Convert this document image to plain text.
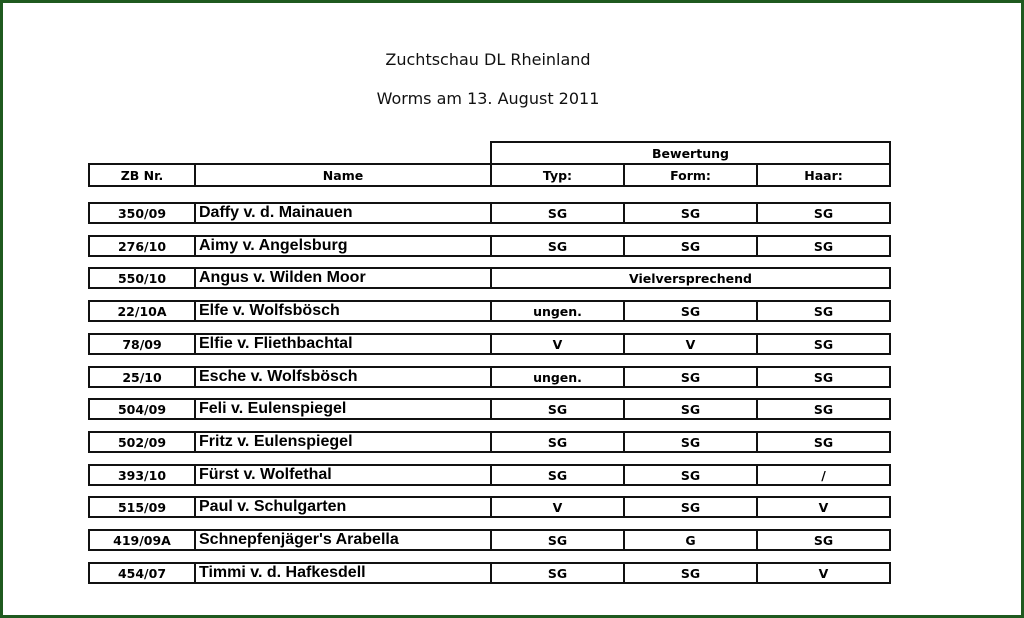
Zuchtschau DL Rheinland
Worms am 13. August 2011
Bewertung
ZB Nr.	Name	Typ:	Form:	Haar:
350/09	Daffy v. d. Mainauen	SG	SG	SG
276/10	Aimy v. Angelsburg	SG	SG	SG
550/10	Angus v. Wilden Moor	Vielversprechend
22/10A	Elfe v. Wolfsbösch	ungen.	SG	SG
78/09	Elfie v. Fliethbachtal	V	V	SG
25/10	Esche v. Wolfsbösch	ungen.	SG	SG
504/09	Feli v. Eulenspiegel	SG	SG	SG
502/09	Fritz v. Eulenspiegel	SG	SG	SG
393/10	Fürst v. Wolfethal	SG	SG	/
515/09	Paul v. Schulgarten	V	SG	V
419/09A	Schnepfenjäger's Arabella	SG	G	SG
454/07	Timmi v. d. Hafkesdell	SG	SG	V
